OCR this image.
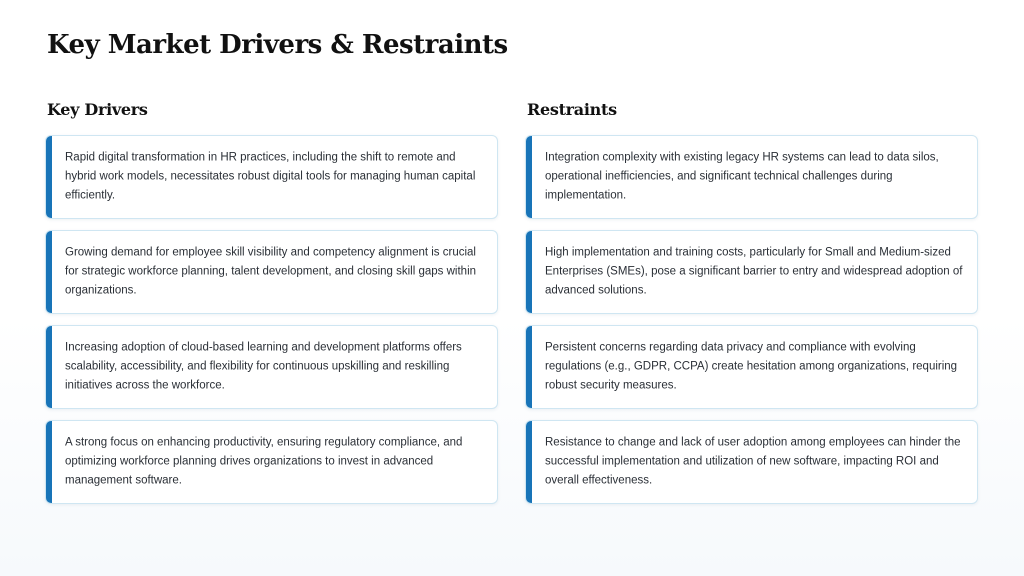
Key Market Drivers & Restraints
Key Drivers	Restraints

Rapid digital transformation in HR practices, including the shift to remote and hybrid work models, necessitates robust digital tools for managing human capital efficiently.

Growing demand for employee skill visibility and competency alignment is crucial for strategic workforce planning, talent development, and closing skill gaps within organizations.

Increasing adoption of cloud-based learning and development platforms offers scalability, accessibility, and flexibility for continuous upskilling and reskilling initiatives across the workforce.

A strong focus on enhancing productivity, ensuring regulatory compliance, and optimizing workforce planning drives organizations to invest in advanced management software.

Integration complexity with existing legacy HR systems can lead to data silos, operational inefficiencies, and significant technical challenges during implementation.

High implementation and training costs, particularly for Small and Medium-sized Enterprises (SMEs), pose a significant barrier to entry and widespread adoption of advanced solutions.

Persistent concerns regarding data privacy and compliance with evolving regulations (e.g., GDPR, CCPA) create hesitation among organizations, requiring robust security measures.

Resistance to change and lack of user adoption among employees can hinder the successful implementation and utilization of new software, impacting ROI and overall effectiveness.
